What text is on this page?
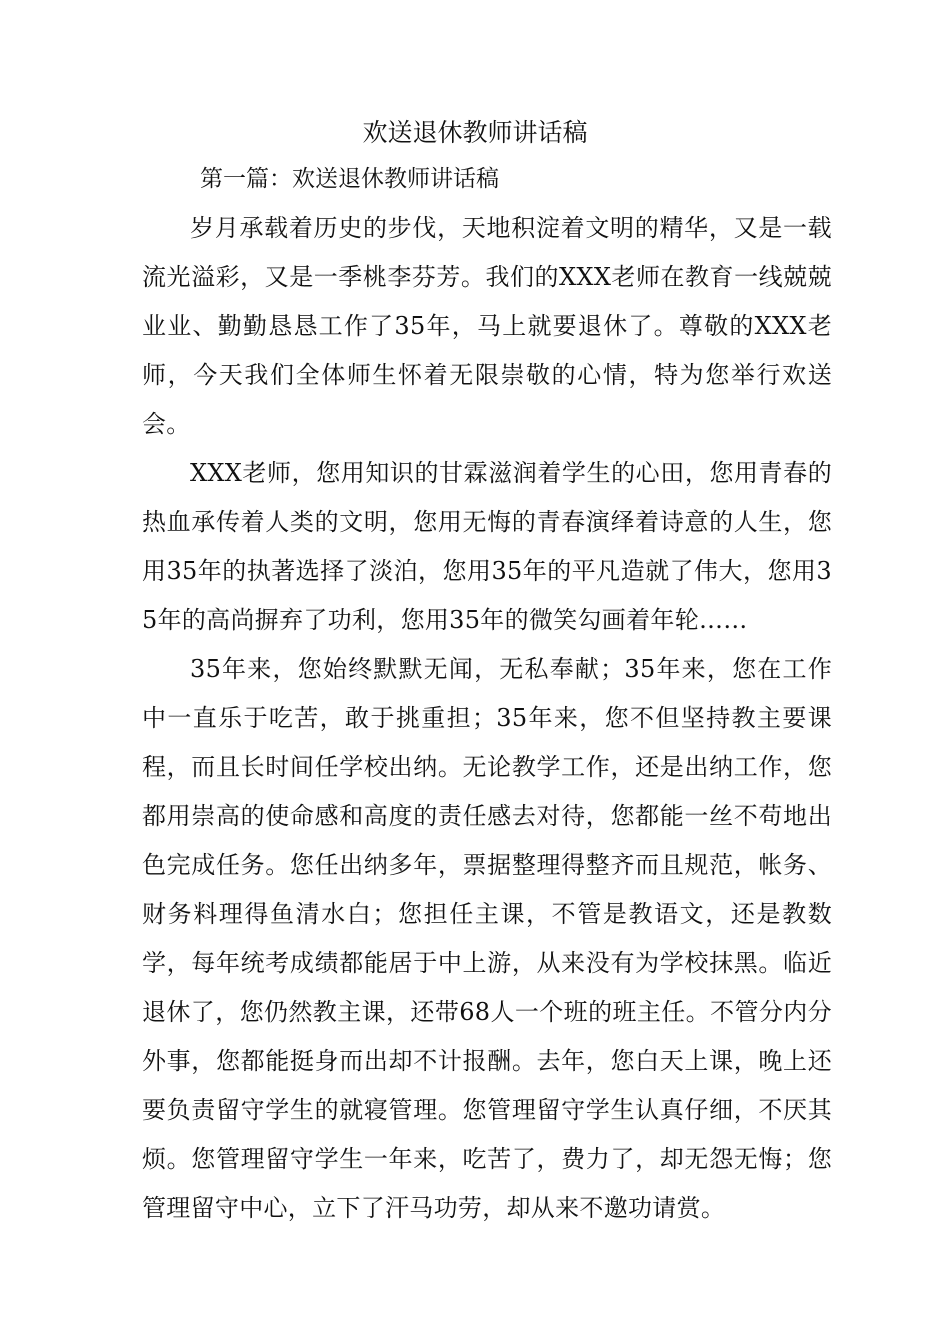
欢送退休教师讲话稿

第一篇：欢送退休教师讲话稿

岁月承载着历史的步伐，天地积淀着文明的精华，又是一载流光溢彩，又是一季桃李芬芳。我们的XXX老师在教育一线兢兢业业、勤勤恳恳工作了35年，马上就要退休了。尊敬的XXX老师，今天我们全体师生怀着无限崇敬的心情，特为您举行欢送会。

XXX老师，您用知识的甘霖滋润着学生的心田，您用青春的热血承传着人类的文明，您用无悔的青春演绎着诗意的人生，您用35年的执著选择了淡泊，您用35年的平凡造就了伟大，您用35年的高尚摒弃了功利，您用35年的微笑勾画着年轮……

35年来，您始终默默无闻，无私奉献；35年来，您在工作中一直乐于吃苦，敢于挑重担；35年来，您不但坚持教主要课程，而且长时间任学校出纳。无论教学工作，还是出纳工作，您都用崇高的使命感和高度的责任感去对待，您都能一丝不苟地出色完成任务。您任出纳多年，票据整理得整齐而且规范，帐务、财务料理得鱼清水白；您担任主课，不管是教语文，还是教数学，每年统考成绩都能居于中上游，从来没有为学校抹黑。临近退休了，您仍然教主课，还带68人一个班的班主任。不管分内分外事，您都能挺身而出却不计报酬。去年，您白天上课，晚上还要负责留守学生的就寝管理。您管理留守学生认真仔细，不厌其烦。您管理留守学生一年来，吃苦了，费力了，却无怨无悔；您管理留守中心，立下了汗马功劳，却从来不邀功请赏。
